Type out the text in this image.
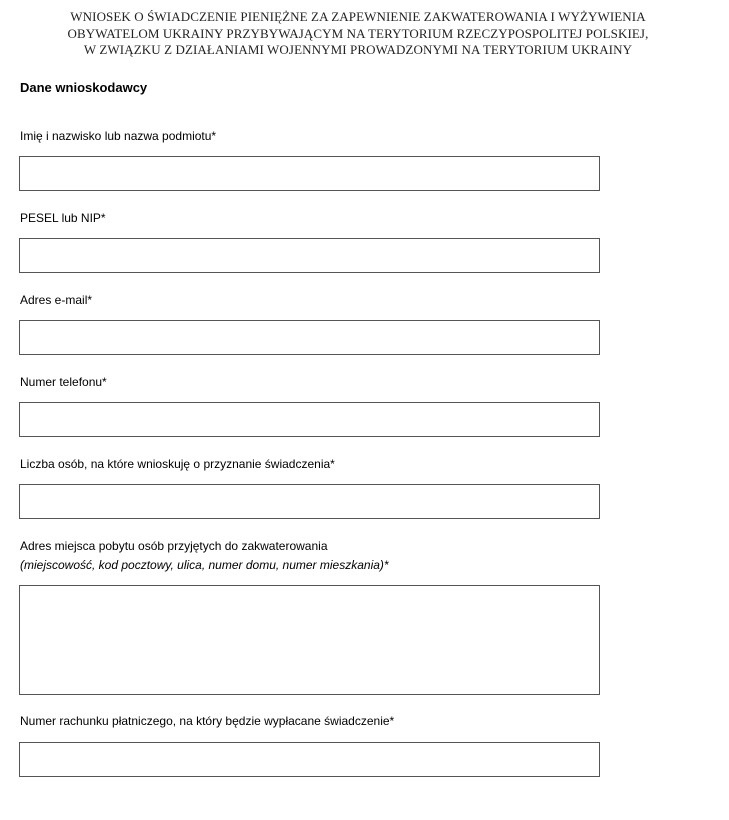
WNIOSEK O ŚWIADCZENIE PIENIĘŻNE ZA ZAPEWNIENIE ZAKWATEROWANIA I WYŻYWIENIA
OBYWATELOM UKRAINY PRZYBYWAJĄCYM NA TERYTORIUM RZECZYPOSPOLITEJ POLSKIEJ,
W ZWIĄZKU Z DZIAŁANIAMI WOJENNYMI PROWADZONYMI NA TERYTORIUM UKRAINY
Dane wnioskodawcy
Imię i nazwisko lub nazwa podmiotu*
PESEL lub NIP*
Adres e-mail*
Numer telefonu*
Liczba osób, na które wnioskuję o przyznanie świadczenia*
Adres miejsca pobytu osób przyjętych do zakwaterowania
(miejscowość, kod pocztowy, ulica, numer domu, numer mieszkania)*
Numer rachunku płatniczego, na który będzie wypłacane świadczenie*
